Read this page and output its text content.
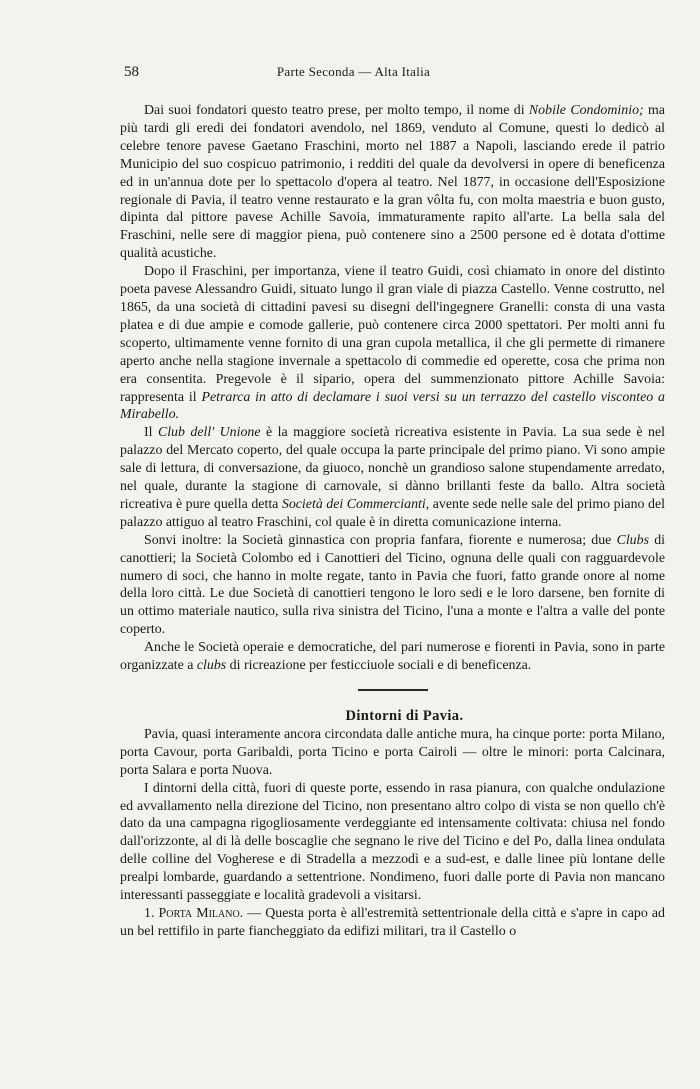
58	Parte Seconda — Alta Italia

Dai suoi fondatori questo teatro prese, per molto tempo, il nome di Nobile Condominio; ma più tardi gli eredi dei fondatori avendolo, nel 1869, venduto al Comune, questi lo dedicò al celebre tenore pavese Gaetano Fraschini, morto nel 1887 a Napoli, lasciando erede il patrio Municipio del suo cospicuo patrimonio, i redditi del quale da devolversi in opere di beneficenza ed in un'annua dote per lo spettacolo d'opera al teatro. Nel 1877, in occasione dell'Esposizione regionale di Pavia, il teatro venne restaurato e la gran vôlta fu, con molta maestria e buon gusto, dipinta dal pittore pavese Achille Savoia, immaturamente rapito all'arte. La bella sala del Fraschini, nelle sere di maggior piena, può contenere sino a 2500 persone ed è dotata d'ottime qualità acustiche.

Dopo il Fraschini, per importanza, viene il teatro Guidi, così chiamato in onore del distinto poeta pavese Alessandro Guidi, situato lungo il gran viale di piazza Castello. Venne costrutto, nel 1865, da una società di cittadini pavesi su disegni dell'ingegnere Granelli: consta di una vasta platea e di due ampie e comode gallerie, può contenere circa 2000 spettatori. Per molti anni fu scoperto, ultimamente venne fornito di una gran cupola metallica, il che gli permette di rimanere aperto anche nella stagione invernale a spettacolo di commedie ed operette, cosa che prima non era consentita. Pregevole è il sipario, opera del summenzionato pittore Achille Savoia: rappresenta il Petrarca in atto di declamare i suoi versi su un terrazzo del castello visconteo a Mirabello.

Il Club dell' Unione è la maggiore società ricreativa esistente in Pavia. La sua sede è nel palazzo del Mercato coperto, del quale occupa la parte principale del primo piano. Vi sono ampie sale di lettura, di conversazione, da giuoco, nonchè un grandioso salone stupendamente arredato, nel quale, durante la stagione di carnovale, si dànno brillanti feste da ballo. Altra società ricreativa è pure quella detta Società dei Commercianti, avente sede nelle sale del primo piano del palazzo attiguo al teatro Fraschini, col quale è in diretta comunicazione interna.

Sonvi inoltre: la Società ginnastica con propria fanfara, fiorente e numerosa; due Clubs di canottieri; la Società Colombo ed i Canottieri del Ticino, ognuna delle quali con ragguardevole numero di soci, che hanno in molte regate, tanto in Pavia che fuori, fatto grande onore al nome della loro città. Le due Società di canottieri tengono le loro sedi e le loro darsene, ben fornite di un ottimo materiale nautico, sulla riva sinistra del Ticino, l'una a monte e l'altra a valle del ponte coperto.

Anche le Società operaie e democratiche, del pari numerose e fiorenti in Pavia, sono in parte organizzate a clubs di ricreazione per festicciuole sociali e di beneficenza.

Dintorni di Pavia.

Pavia, quasi interamente ancora circondata dalle antiche mura, ha cinque porte: porta Milano, porta Cavour, porta Garibaldi, porta Ticino e porta Cairoli — oltre le minori: porta Calcinara, porta Salara e porta Nuova.

I dintorni della città, fuori di queste porte, essendo in rasa pianura, con qualche ondulazione ed avvallamento nella direzione del Ticino, non presentano altro colpo di vista se non quello ch'è dato da una campagna rigogliosamente verdeggiante ed intensamente coltivata: chiusa nel fondo dall'orizzonte, al di là delle boscaglie che segnano le rive del Ticino e del Po, dalla linea ondulata delle colline del Vogherese e di Stradella a mezzodì e a sud-est, e dalle linee più lontane delle prealpi lombarde, guardando a settentrione. Nondimeno, fuori dalle porte di Pavia non mancano interessanti passeggiate e località gradevoli a visitarsi.

1. Porta Milano. — Questa porta è all'estremità settentrionale della città e s'apre in capo ad un bel rettifilo in parte fiancheggiato da edifizi militari, tra il Castello o
